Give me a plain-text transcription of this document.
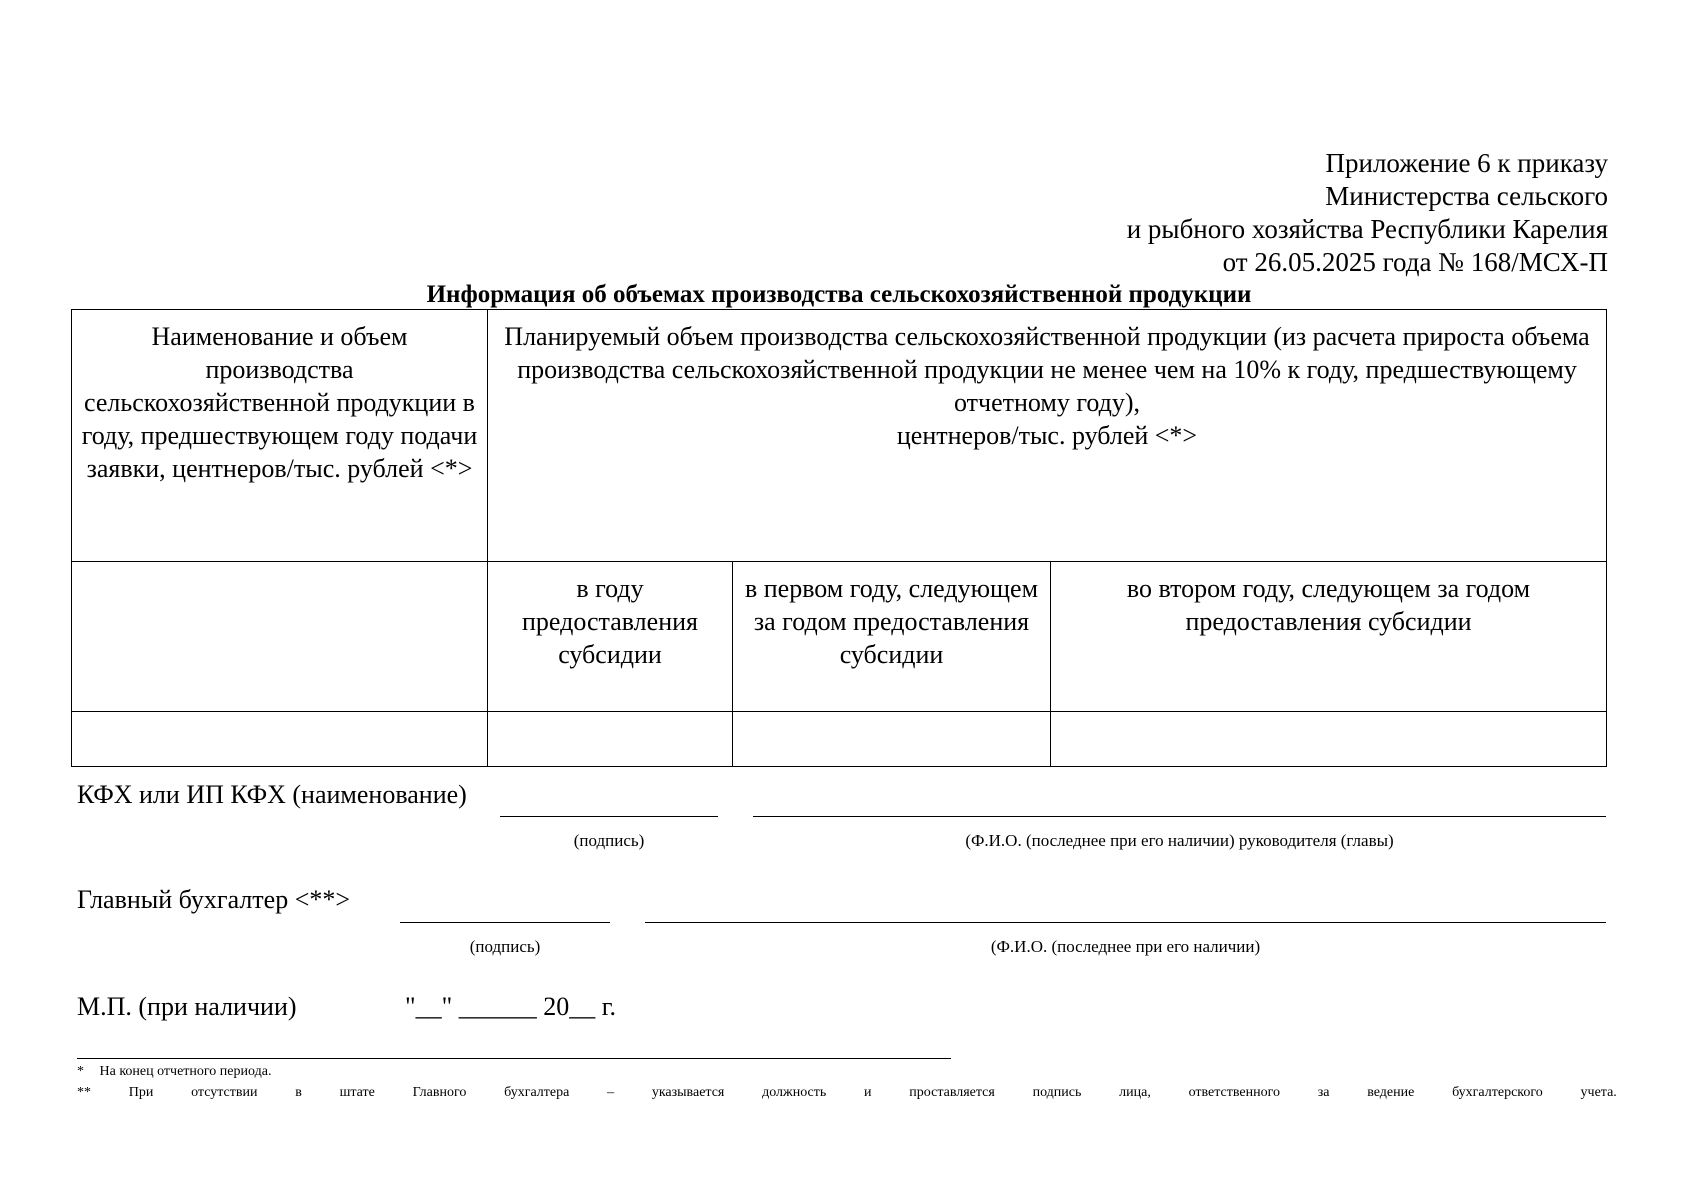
Приложение 6 к приказу
Министерства сельского
и рыбного хозяйства Республики Карелия
от 26.05.2025 года № 168/МСХ-П
Информация об объемах производства сельскохозяйственной продукции
Наименование и объем производства сельскохозяйственной продукции в году, предшествующем году подачи заявки, центнеров/тыс. рублей <*>	Планируемый объем производства сельскохозяйственной продукции (из расчета прироста объема производства сельскохозяйственной продукции не менее чем на 10% к году, предшествующему отчетному году),
центнеров/тыс. рублей <*>		

	в году предоставления субсидии	в первом году, следующем за годом предоставления субсидии	во втором году, следующем за годом предоставления субсидии

КФХ или ИП КФХ (наименование)
(подпись)	(Ф.И.О. (последнее при его наличии) руководителя (главы)
Главный бухгалтер <**>
(подпись)	(Ф.И.О. (последнее при его наличии)
М.П. (при наличии)	"__" ______ 20__ г.
* На конец отчетного периода.
**	При	отсутствии	в	штате	Главного	бухгалтера	–	указывается	должность	и	проставляется	подпись	лица,	ответственного	за	ведение	бухгалтерского	учета.
